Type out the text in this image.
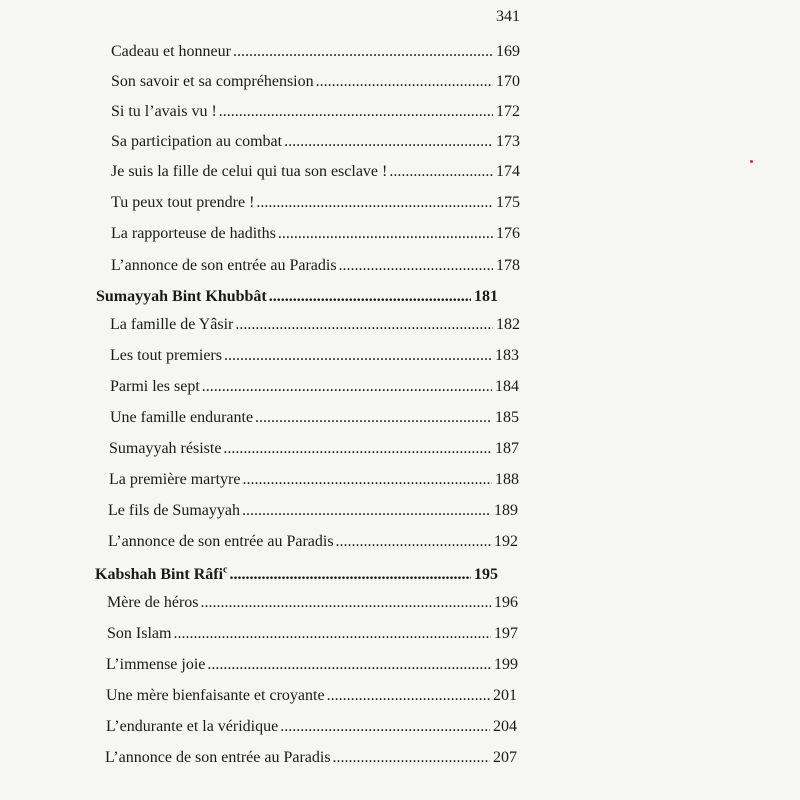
341
Cadeau et honneur .....	169
Son savoir et sa compréhension .....	170
Si tu l’avais vu ! .....	172
Sa participation au combat .....	173
Je suis la fille de celui qui tua son esclave ! .....	174
Tu peux tout prendre ! .....	175
La rapporteuse de hadiths .....	176
L’annonce de son entrée au Paradis .....	178
Sumayyah Bint Khubbât .....	181
La famille de Yâsir .....	182
Les tout premiers .....	183
Parmi les sept .....	184
Une famille endurante .....	185
Sumayyah résiste .....	187
La première martyre .....	188
Le fils de Sumayyah .....	189
L’annonce de son entrée au Paradis .....	192
Kabshah Bint Râfi$^c$ .....	195
Mère de héros .....	196
Son Islam .....	197
L’immense joie .....	199
Une mère bienfaisante et croyante .....	201
L’endurante et la véridique .....	204
L’annonce de son entrée au Paradis .....	207
